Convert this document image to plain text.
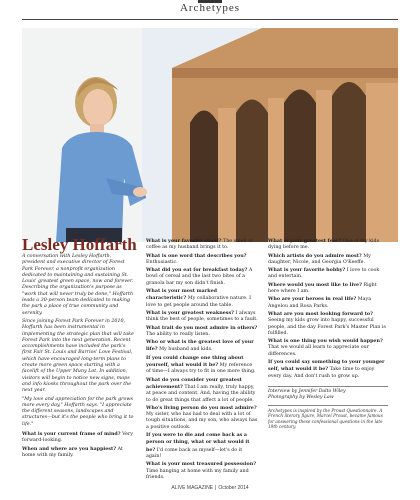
Archetypes
Lesley Hoffarth

A conversation with Lesley Hoffarth, president and executive director of Forest Park Forever, a nonprofit organization dedicated to maintaining and sustaining St. Louis' greatest green space, now and forever. Describing the organization's purpose as "work that will never truly be done," Hoffarth leads a 30-person team dedicated to making the park a place of true community and serenity.

Since joining Forest Park Forever in 2010, Hoffarth has been instrumental in implementing the strategic plan that will take Forest Park into the next generation. Recent accomplishments have included the park's first Fair St. Louis and Barrios' Love Festival, which have encouraged long-term plans to create more green space starting with a facelift of the Upper Muny Lot. In addition, visitors will begin to notice new signs, maps and info kiosks throughout the park over the next year.

"My love and appreciation for the park grows more every day," Hoffarth says. "I appreciate the different seasons, landscapes and structures—but it's the people who bring it to life."

What is your current frame of mind? Very forward-looking.

When and where are you happiest? At home with my family.

What is your favorite smell? The smell of coffee as my husband brings it to.

What is one word that describes you? Enthusiastic.

What did you eat for breakfast today? A bowl of cereal and the last two bites of a granola bar my son didn't finish.

What is your most marked characteristic? My collaborative nature. I love to get people around the table.

What is your greatest weakness? I always think the best of people, sometimes to a fault.

What trait do you most admire in others? The ability to really listen.

Who or what is the greatest love of your life? My husband and kids.

If you could change one thing about yourself, what would it be? My reference of time—I always try to fit in one more thing.

What do you consider your greatest achievement? That I am really, truly happy, at peace and content. And, having the ability to do great things that affect a lot of people.

Who's living person do you most admire? My sister, who has had to deal with a lot of tough situations, and my son, who always has a positive outlook.

If you were to die and come back as a person or thing, what or what would it be? I'd come back as myself—let's do it again!

What is your most treasured possession? Time hanging at home with my family and friends.

What is your greatest fear? One of my kids dying before me.

Which artists do you admire most? My daughter, Nicole, and Georgia O'Keeffe.

What is your favorite hobby? I love to cook and entertain.

Where would you most like to live? Right here where I am.

Who are your heroes in real life? Maya Angelou and Rosa Parks.

What are you most looking forward to? Seeing my kids grow into happy, successful people, and the day Forest Park's Master Plan is fulfilled.

What is one thing you wish would happen? That we would all learn to appreciate our differences.

If you could say something to your younger self, what would it be? Take time to enjoy every day. And don't rush to grow up.

Interview by Jennifer Dalto Wiley
Photography by Wesley Law
Archetypes is inspired by the Proust Questionnaire. A French literary figure, Marcel Proust, became famous for answering these confessional questions in the late 19th century.
ALIVE MAGAZINE | October 2014
